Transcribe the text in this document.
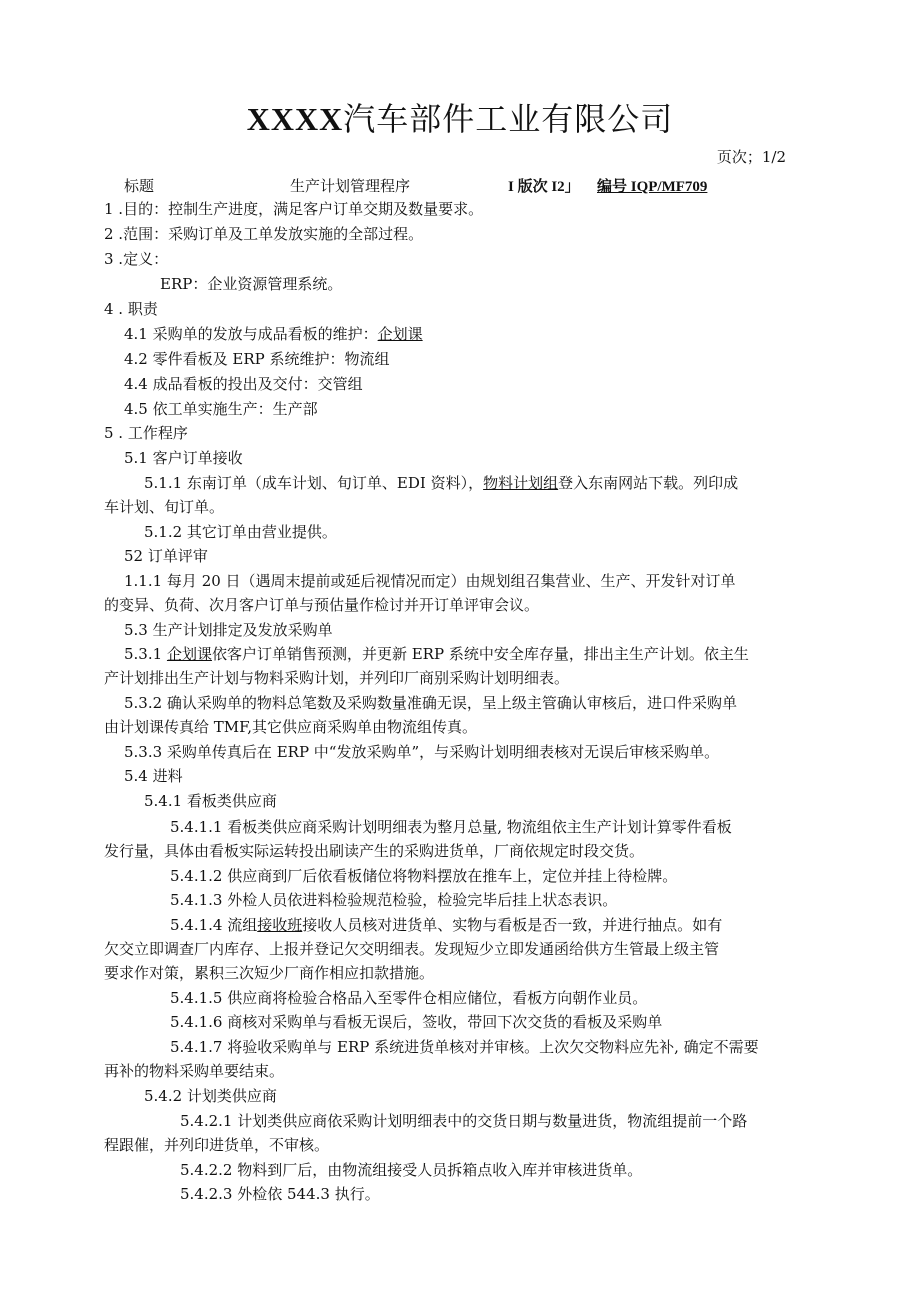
XXXX汽车部件工业有限公司
页次；1/2
标题	生产计划管理程序	I 版次 I2」 编号 IQP/MF709
1 .目的：控制生产进度，满足客户订单交期及数量要求。
2 .范围：采购订单及工单发放实施的全部过程。
3 .定义：
ERP：企业资源管理系统。
4 . 职责
4.1 采购单的发放与成品看板的维护：企划课
4.2 零件看板及 ERP 系统维护：物流组
4.4 成品看板的投出及交付：交管组
4.5 依工单实施生产：生产部
5 . 工作程序
5.1 客户订单接收
5.1.1 东南订单（成车计划、旬订单、EDI 资料），物料计划组登入东南网站下载。列印成
车计划、旬订单。
5.1.2 其它订单由营业提供。
52 订单评审
1.1.1 每月 20 日（遇周末提前或延后视情况而定）由规划组召集营业、生产、开发针对订单
的变异、负荷、次月客户订单与预估量作检讨并开订单评审会议。
5.3 生产计划排定及发放采购单
5.3.1 企划课依客户订单销售预测，并更新 ERP 系统中安全库存量，排出主生产计划。依主生
产计划排出生产计划与物料采购计划，并列印厂商别采购计划明细表。
5.3.2 确认采购单的物料总笔数及采购数量准确无误，呈上级主管确认审核后，进口件采购单
由计划课传真给 TMF,其它供应商采购单由物流组传真。
5.3.3 采购单传真后在 ERP 中“发放采购单”，与采购计划明细表核对无误后审核采购单。
5.4 进料
5.4.1 看板类供应商
5.4.1.1 看板类供应商采购计划明细表为整月总量, 物流组依主生产计划计算零件看板
发行量，具体由看板实际运转投出刷读产生的采购进货单，厂商依规定时段交货。
5.4.1.2 供应商到厂后依看板储位将物料摆放在推车上，定位并挂上待检牌。
5.4.1.3 外检人员依进料检验规范检验，检验完毕后挂上状态表识。
5.4.1.4 流组接收班接收人员核对进货单、实物与看板是否一致，并进行抽点。如有
欠交立即调查厂内库存、上报并登记欠交明细表。发现短少立即发通函给供方生管最上级主管
要求作对策，累积三次短少厂商作相应扣款措施。
5.4.1.5 供应商将检验合格品入至零件仓相应储位，看板方向朝作业员。
5.4.1.6 商核对采购单与看板无误后，签收，带回下次交货的看板及采购单
5.4.1.7 将验收采购单与 ERP 系统进货单核对并审核。上次欠交物料应先补, 确定不需要
再补的物料采购单要结束。
5.4.2 计划类供应商
5.4.2.1 计划类供应商依采购计划明细表中的交货日期与数量进货，物流组提前一个路
程跟催，并列印进货单，不审核。
5.4.2.2 物料到厂后，由物流组接受人员拆箱点收入库并审核进货单。
5.4.2.3 外检依 544.3 执行。
